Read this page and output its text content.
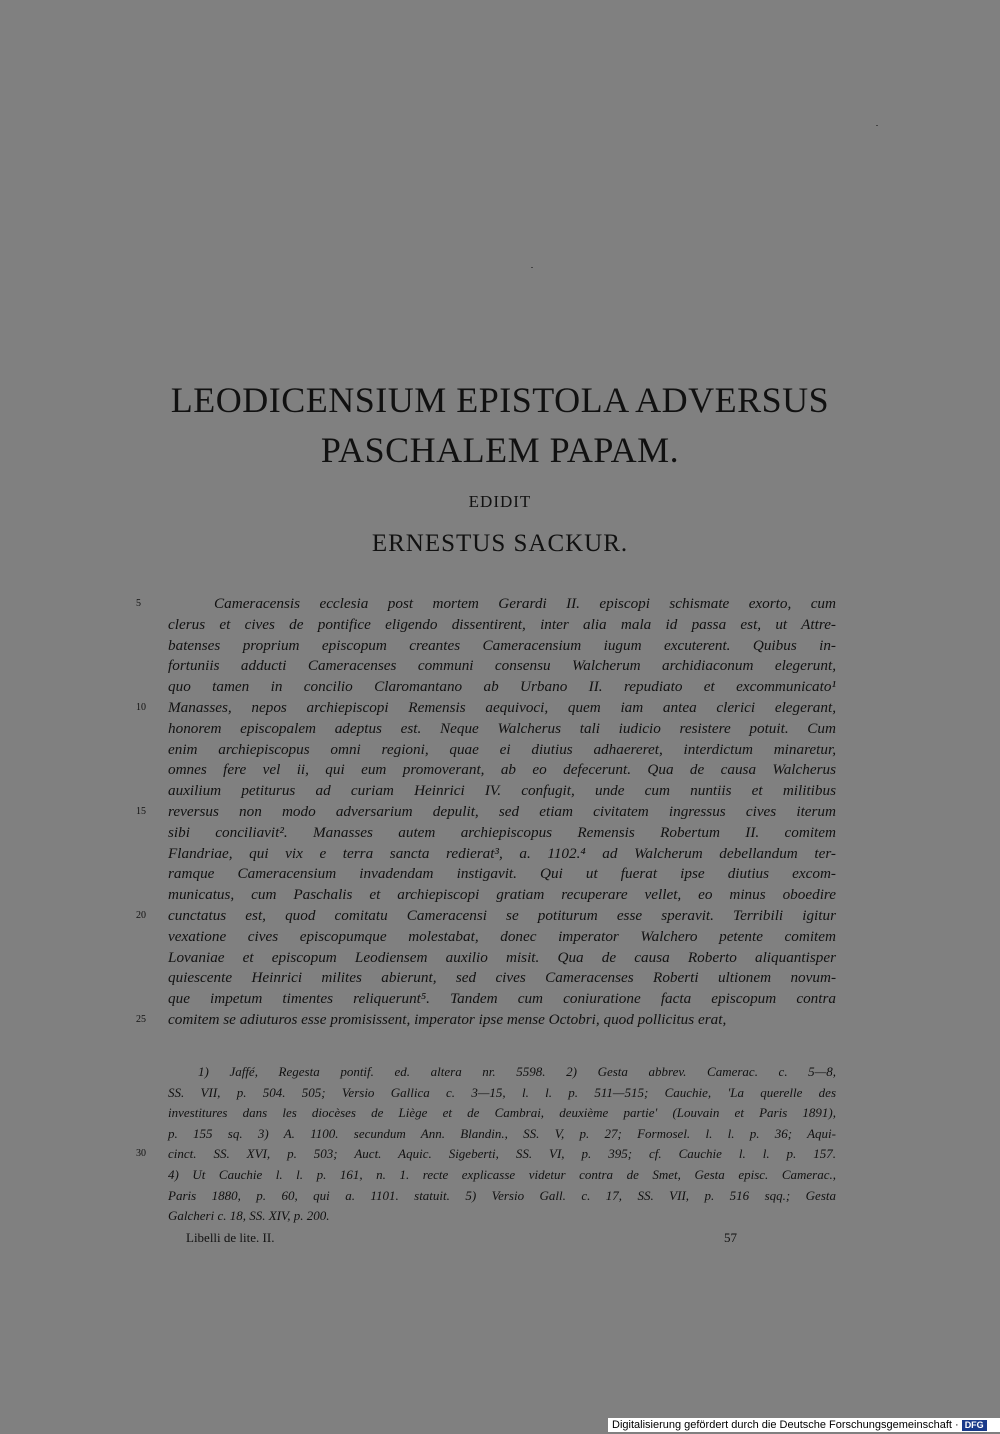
LEODICENSIUM EPISTOLA ADVERSUS
PASCHALEM PAPAM.
EDIDIT
ERNESTUS SACKUR.
5	Cameracensis ecclesia post mortem Gerardi II. episcopi schismate exorto, cum
clerus et cives de pontifice eligendo dissentirent, inter alia mala id passa est, ut Attre-
batenses proprium episcopum creantes Cameracensium iugum excuterent. Quibus in-
fortuniis adducti Cameracenses communi consensu Walcherum archidiaconum elegerunt,
quo tamen in concilio Claromantano ab Urbano II. repudiato et excommunicato¹
10	Manasses, nepos archiepiscopi Remensis aequivoci, quem iam antea clerici elegerant,
honorem episcopalem adeptus est. Neque Walcherus tali iudicio resistere potuit. Cum
enim archiepiscopus omni regioni, quae ei diutius adhaereret, interdictum minaretur,
omnes fere vel ii, qui eum promoverant, ab eo defecerunt. Qua de causa Walcherus
auxilium petiturus ad curiam Heinrici IV. confugit, unde cum nuntiis et militibus
15	reversus non modo adversarium depulit, sed etiam civitatem ingressus cives iterum
sibi conciliavit². Manasses autem archiepiscopus Remensis Robertum II. comitem
Flandriae, qui vix e terra sancta redierat³, a. 1102.⁴ ad Walcherum debellandum ter-
ramque Cameracensium invadendam instigavit. Qui ut fuerat ipse diutius excom-
municatus, cum Paschalis et archiepiscopi gratiam recuperare vellet, eo minus oboedire
20	cunctatus est, quod comitatu Cameracensi se potiturum esse speravit. Terribili igitur
vexatione cives episcopumque molestabat, donec imperator Walchero petente comitem
Lovaniae et episcopum Leodiensem auxilio misit. Qua de causa Roberto aliquantisper
quiescente Heinrici milites abierunt, sed cives Cameracenses Roberti ultionem novum-
que impetum timentes reliquerunt⁵. Tandem cum coniuratione facta episcopum contra
25	comitem se adiuturos esse promisissent, imperator ipse mense Octobri, quod pollicitus erat,
1) Jaffé, Regesta pontif. ed. altera nr. 5598. 2) Gesta abbrev. Camerac. c. 5—8,
SS. VII, p. 504. 505; Versio Gallica c. 3—15, l. l. p. 511—515; Cauchie, 'La querelle des
investitures dans les diocèses de Liège et de Cambrai, deuxième partie' (Louvain et Paris 1891),
p. 155 sq. 3) A. 1100. secundum Ann. Blandin., SS. V, p. 27; Formosel. l. l. p. 36; Aqui-
30	cinct. SS. XVI, p. 503; Auct. Aquic. Sigeberti, SS. VI, p. 395; cf. Cauchie l. l. p. 157.
4) Ut Cauchie l. l. p. 161, n. 1. recte explicasse videtur contra de Smet, Gesta episc. Camerac.,
Paris 1880, p. 60, qui a. 1101. statuit. 5) Versio Gall. c. 17, SS. VII, p. 516 sqq.; Gesta
Galcheri c. 18, SS. XIV, p. 200.
Libelli de lite. II.	57
Digitalisierung gefördert durch die Deutsche Forschungsgemeinschaft · DFG
